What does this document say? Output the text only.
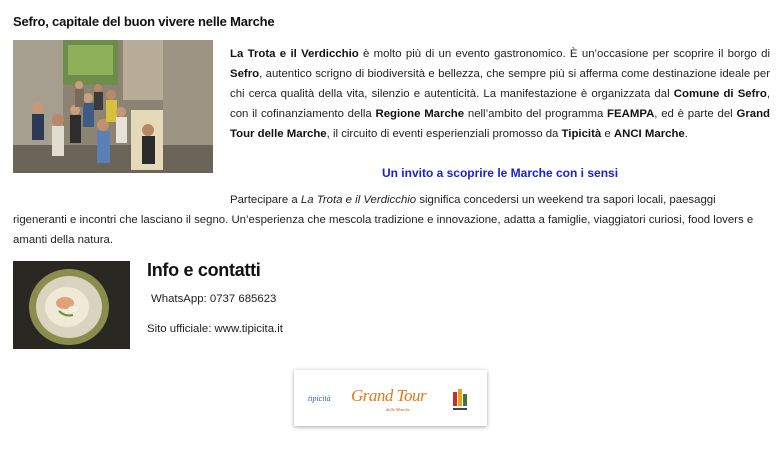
Sefro, capitale del buon vivere nelle Marche

La Trota e il Verdicchio è molto più di un evento gastronomico. È un’occasione per scoprire il borgo di Sefro, autentico scrigno di biodiversità e bellezza, che sempre più si afferma come destinazione ideale per chi cerca qualità della vita, silenzio e autenticità. La manifestazione è organizzata dal Comune di Sefro, con il cofinanziamento della Regione Marche nell’ambito del programma FEAMPA, ed è parte del Grand Tour delle Marche, il circuito di eventi esperienziali promosso da Tipicità e ANCI Marche.

Un invito a scoprire le Marche con i sensi

Partecipare a La Trota e il Verdicchio significa concedersi un weekend tra sapori locali, paesaggi rigeneranti e incontri che lasciano il segno. Un’esperienza che mescola tradizione e innovazione, adatta a famiglie, viaggiatori curiosi, food lovers e amanti della natura.

Info e contatti

WhatsApp: 0737 685623

Sito ufficiale: www.tipicita.it

tipicità Grand Tour
delle Marche
